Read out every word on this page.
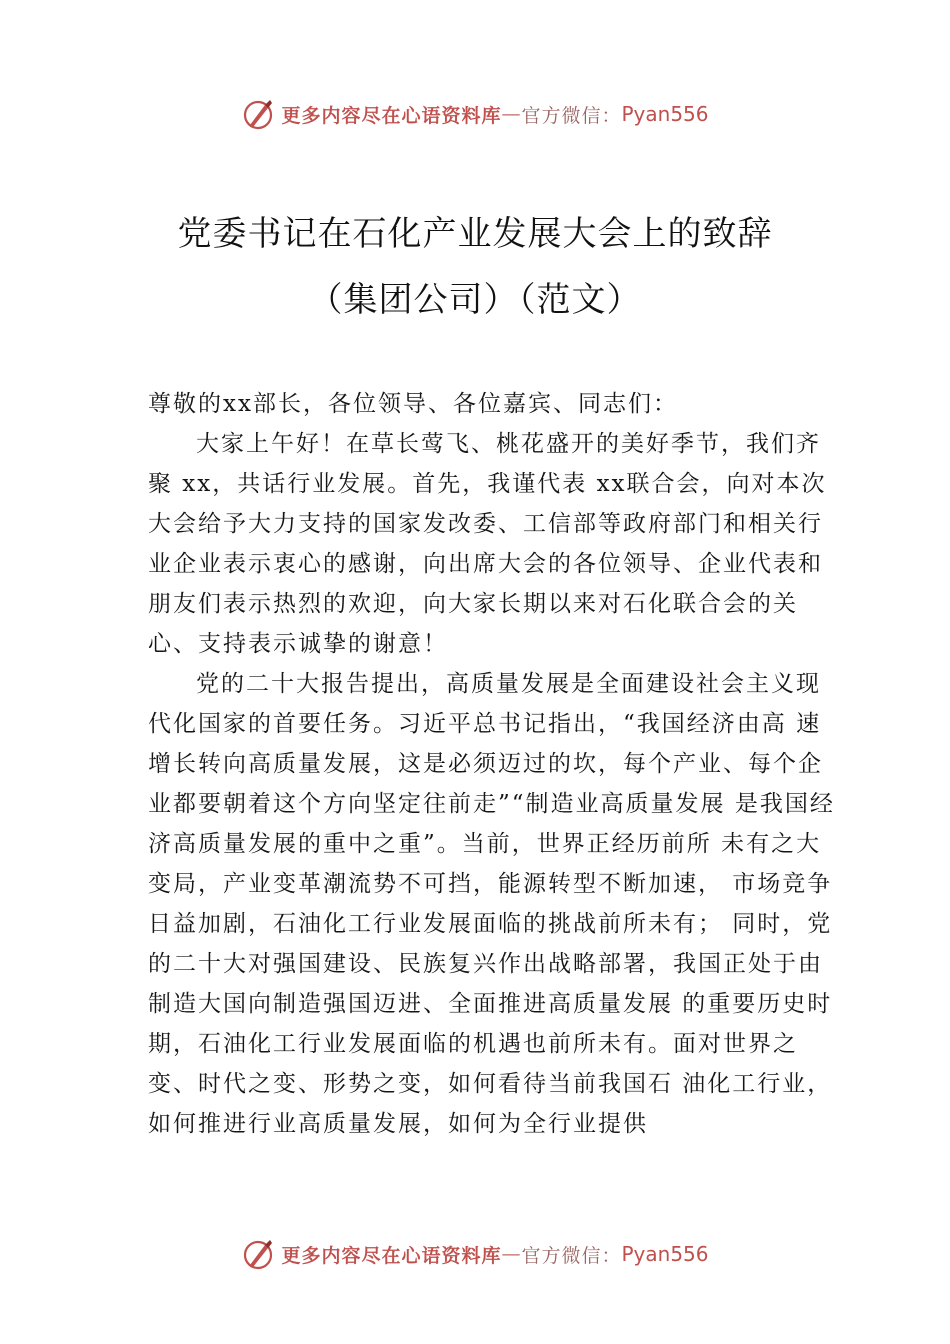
更多内容尽在心语资料库 — 官方微信： Pyan556
党委书记在石化产业发展大会上的致辞
（集团公司）（范文）

尊敬的xx部长，各位领导、各位嘉宾、同志们：

大家上午好！在草长莺飞、桃花盛开的美好季节，我们齐聚 xx，共话行业发展。首先，我谨代表 xx联合会，向对本次大会给予大力支持的国家发改委、工信部等政府部门和相关行业企业表示衷心的感谢，向出席大会的各位领导、企业代表和朋友们表示热烈的欢迎，向大家长期以来对石化联合会的关心、支持表示诚挚的谢意！

党的二十大报告提出，高质量发展是全面建设社会主义现代化国家的首要任务。习近平总书记指出，“我国经济由高 速增长转向高质量发展，这是必须迈过的坎，每个产业、每个企业都要朝着这个方向坚定往前走”“制造业高质量发展 是我国经济高质量发展的重中之重”。当前，世界正经历前所 未有之大变局，产业变革潮流势不可挡，能源转型不断加速， 市场竞争日益加剧，石油化工行业发展面临的挑战前所未有； 同时，党的二十大对强国建设、民族复兴作出战略部署，我国正处于由制造大国向制造强国迈进、全面推进高质量发展 的重要历史时期，石油化工行业发展面临的机遇也前所未有。面对世界之变、时代之变、形势之变，如何看待当前我国石 油化工行业，如何推进行业高质量发展，如何为全行业提供

更多内容尽在心语资料库 — 官方微信： Pyan556
